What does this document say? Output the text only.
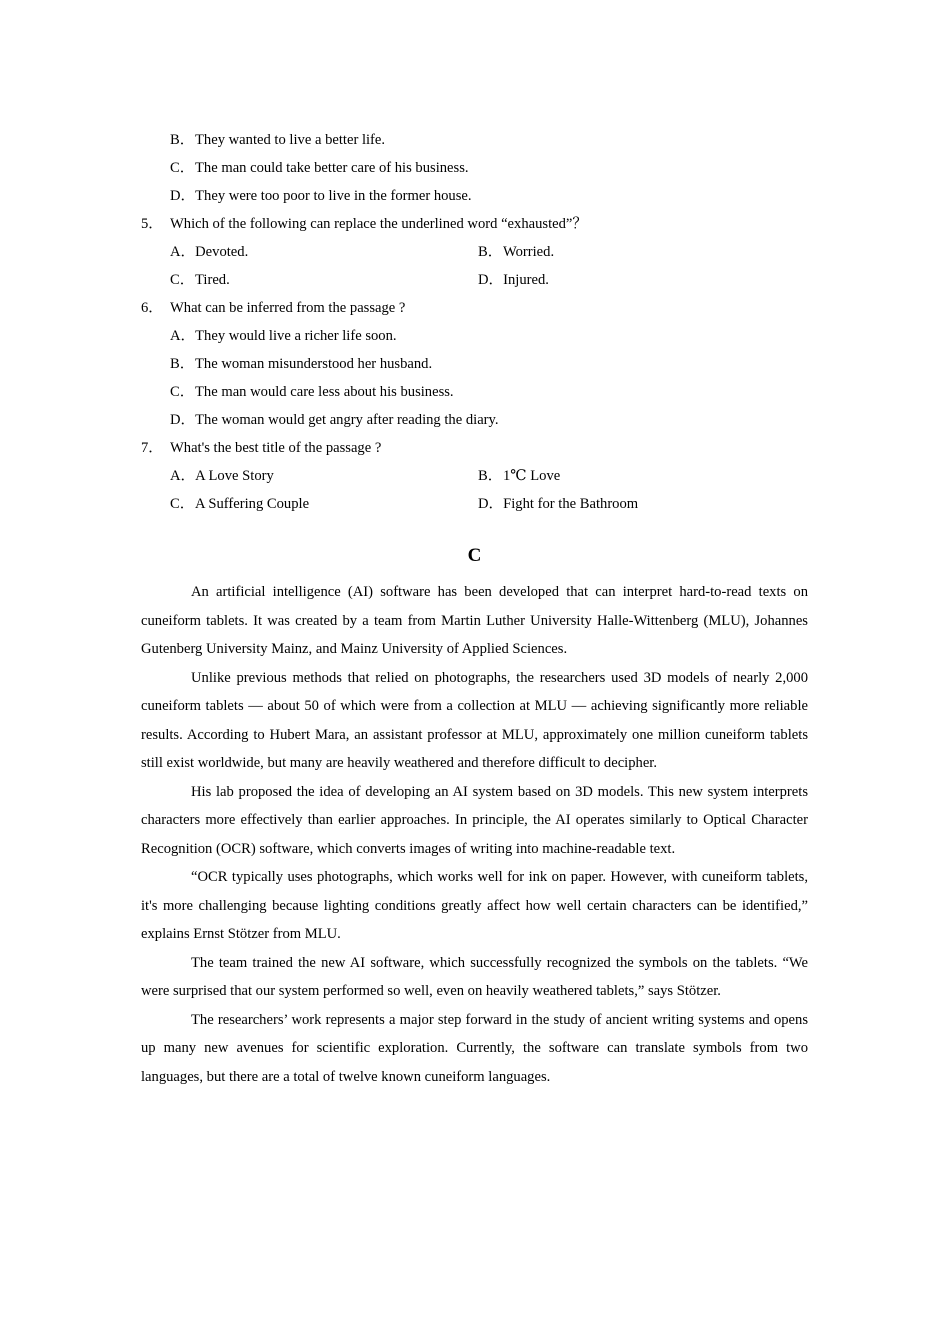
B．They wanted to live a better life.
C．The man could take better care of his business.
D．They were too poor to live in the former house.
5． Which of the following can replace the underlined word “exhausted”？
A．Devoted.	B．Worried.
C．Tired.	D．Injured.
6． What can be inferred from the passage ?
A．They would live a richer life soon.
B．The woman misunderstood her husband.
C．The man would care less about his business.
D．The woman would get angry after reading the diary.
7． What's the best title of the passage ?
A．A Love Story	B．1℃ Love
C．A Suffering Couple	D．Fight for the Bathroom
C

An artificial intelligence (AI) software has been developed that can interpret hard-to-read texts on cuneiform tablets. It was created by a team from Martin Luther University Halle-Wittenberg (MLU), Johannes Gutenberg University Mainz, and Mainz University of Applied Sciences.

Unlike previous methods that relied on photographs, the researchers used 3D models of nearly 2,000 cuneiform tablets — about 50 of which were from a collection at MLU — achieving significantly more reliable results. According to Hubert Mara, an assistant professor at MLU, approximately one million cuneiform tablets still exist worldwide, but many are heavily weathered and therefore difficult to decipher.

His lab proposed the idea of developing an AI system based on 3D models. This new system interprets characters more effectively than earlier approaches. In principle, the AI operates similarly to Optical Character Recognition (OCR) software, which converts images of writing into machine-readable text.

“OCR typically uses photographs, which works well for ink on paper. However, with cuneiform tablets, it's more challenging because lighting conditions greatly affect how well certain characters can be identified,” explains Ernst Stötzer from MLU.

The team trained the new AI software, which successfully recognized the symbols on the tablets. “We were surprised that our system performed so well, even on heavily weathered tablets,” says Stötzer.

The researchers’ work represents a major step forward in the study of ancient writing systems and opens up many new avenues for scientific exploration. Currently, the software can translate symbols from two languages, but there are a total of twelve known cuneiform languages.
